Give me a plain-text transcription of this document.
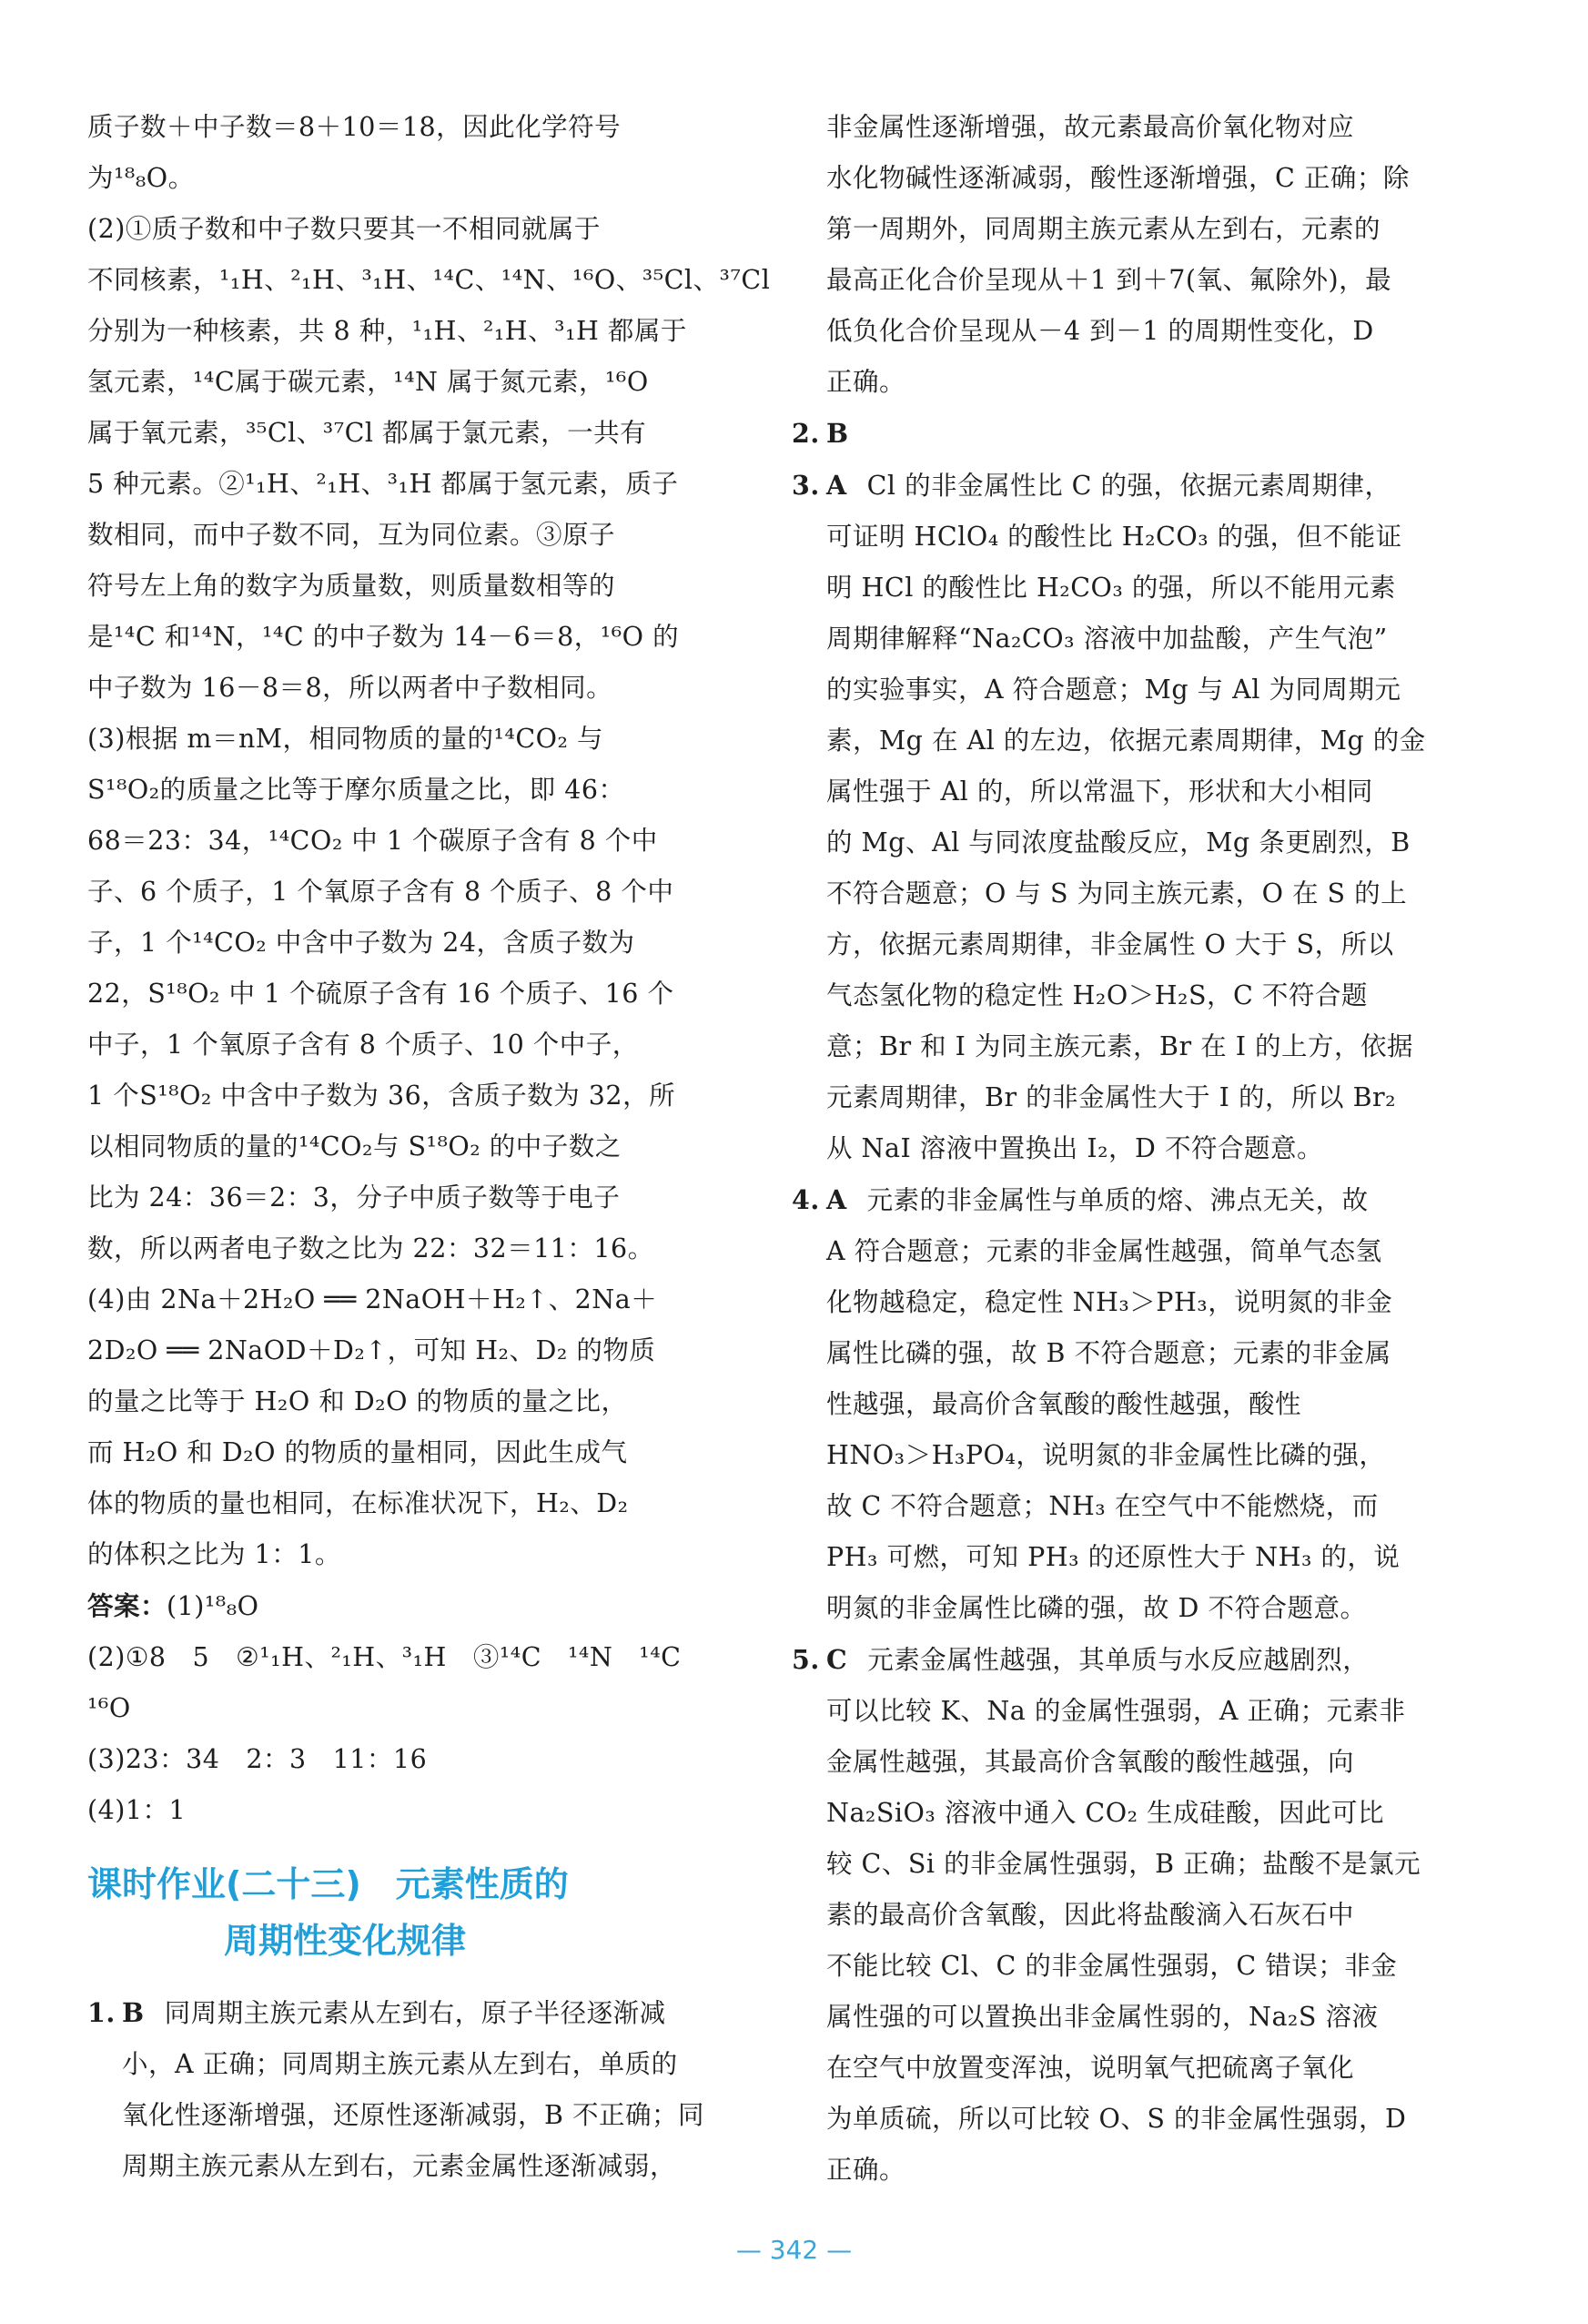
质子数＋中子数＝8＋10＝18，因此化学符号

为¹⁸₈O。

(2)①质子数和中子数只要其一不相同就属于

不同核素，¹₁H、²₁H、³₁H、¹⁴C、¹⁴N、¹⁶O、³⁵Cl、³⁷Cl

分别为一种核素，共 8 种，¹₁H、²₁H、³₁H 都属于

氢元素，¹⁴C属于碳元素，¹⁴N 属于氮元素，¹⁶O

属于氧元素，³⁵Cl、³⁷Cl 都属于氯元素，一共有

5 种元素。②¹₁H、²₁H、³₁H 都属于氢元素，质子

数相同，而中子数不同，互为同位素。③原子

符号左上角的数字为质量数，则质量数相等的

是¹⁴C 和¹⁴N，¹⁴C 的中子数为 14－6＝8，¹⁶O 的

中子数为 16－8＝8，所以两者中子数相同。

(3)根据 m＝nM，相同物质的量的¹⁴CO₂ 与

S¹⁸O₂的质量之比等于摩尔质量之比，即 46：

68＝23：34，¹⁴CO₂ 中 1 个碳原子含有 8 个中

子、6 个质子，1 个氧原子含有 8 个质子、8 个中

子，1 个¹⁴CO₂ 中含中子数为 24，含质子数为

22，S¹⁸O₂ 中 1 个硫原子含有 16 个质子、16 个

中子，1 个氧原子含有 8 个质子、10 个中子，

1 个S¹⁸O₂ 中含中子数为 36，含质子数为 32，所

以相同物质的量的¹⁴CO₂与 S¹⁸O₂ 的中子数之

比为 24：36＝2：3，分子中质子数等于电子

数，所以两者电子数之比为 22：32＝11：16。

(4)由 2Na＋2H₂O ══ 2NaOH＋H₂↑、2Na＋

2D₂O ══ 2NaOD＋D₂↑，可知 H₂、D₂ 的物质

的量之比等于 H₂O 和 D₂O 的物质的量之比，

而 H₂O 和 D₂O 的物质的量相同，因此生成气

体的物质的量也相同，在标准状况下，H₂、D₂

的体积之比为 1：1。

答案：(1)¹⁸₈O

(2)①8　5　②¹₁H、²₁H、³₁H　③¹⁴C　¹⁴N　¹⁴C

¹⁶O

(3)23：34　2：3　11：16

(4)1：1

课时作业(二十三)　元素性质的
周期性变化规律

1. B 同周期主族元素从左到右，原子半径逐渐减

小，A 正确；同周期主族元素从左到右，单质的

氧化性逐渐增强，还原性逐渐减弱，B 不正确；同

周期主族元素从左到右，元素金属性逐渐减弱，

非金属性逐渐增强，故元素最高价氧化物对应

水化物碱性逐渐减弱，酸性逐渐增强，C 正确；除

第一周期外，同周期主族元素从左到右，元素的

最高正化合价呈现从＋1 到＋7(氧、氟除外)，最

低负化合价呈现从－4 到－1 的周期性变化，D

正确。

2. B

3. A Cl 的非金属性比 C 的强，依据元素周期律，

可证明 HClO₄ 的酸性比 H₂CO₃ 的强，但不能证

明 HCl 的酸性比 H₂CO₃ 的强，所以不能用元素

周期律解释“Na₂CO₃ 溶液中加盐酸，产生气泡”

的实验事实，A 符合题意；Mg 与 Al 为同周期元

素，Mg 在 Al 的左边，依据元素周期律，Mg 的金

属性强于 Al 的，所以常温下，形状和大小相同

的 Mg、Al 与同浓度盐酸反应，Mg 条更剧烈，B

不符合题意；O 与 S 为同主族元素，O 在 S 的上

方，依据元素周期律，非金属性 O 大于 S，所以

气态氢化物的稳定性 H₂O＞H₂S，C 不符合题

意；Br 和 I 为同主族元素，Br 在 I 的上方，依据

元素周期律，Br 的非金属性大于 I 的，所以 Br₂

从 NaI 溶液中置换出 I₂，D 不符合题意。

4. A 元素的非金属性与单质的熔、沸点无关，故

A 符合题意；元素的非金属性越强，简单气态氢

化物越稳定，稳定性 NH₃＞PH₃，说明氮的非金

属性比磷的强，故 B 不符合题意；元素的非金属

性越强，最高价含氧酸的酸性越强，酸性

HNO₃＞H₃PO₄，说明氮的非金属性比磷的强，

故 C 不符合题意；NH₃ 在空气中不能燃烧，而

PH₃ 可燃，可知 PH₃ 的还原性大于 NH₃ 的，说

明氮的非金属性比磷的强，故 D 不符合题意。

5. C 元素金属性越强，其单质与水反应越剧烈，

可以比较 K、Na 的金属性强弱，A 正确；元素非

金属性越强，其最高价含氧酸的酸性越强，向

Na₂SiO₃ 溶液中通入 CO₂ 生成硅酸，因此可比

较 C、Si 的非金属性强弱，B 正确；盐酸不是氯元

素的最高价含氧酸，因此将盐酸滴入石灰石中

不能比较 Cl、C 的非金属性强弱，C 错误；非金

属性强的可以置换出非金属性弱的，Na₂S 溶液

在空气中放置变浑浊，说明氧气把硫离子氧化

为单质硫，所以可比较 O、S 的非金属性强弱，D

正确。

— 342 —
